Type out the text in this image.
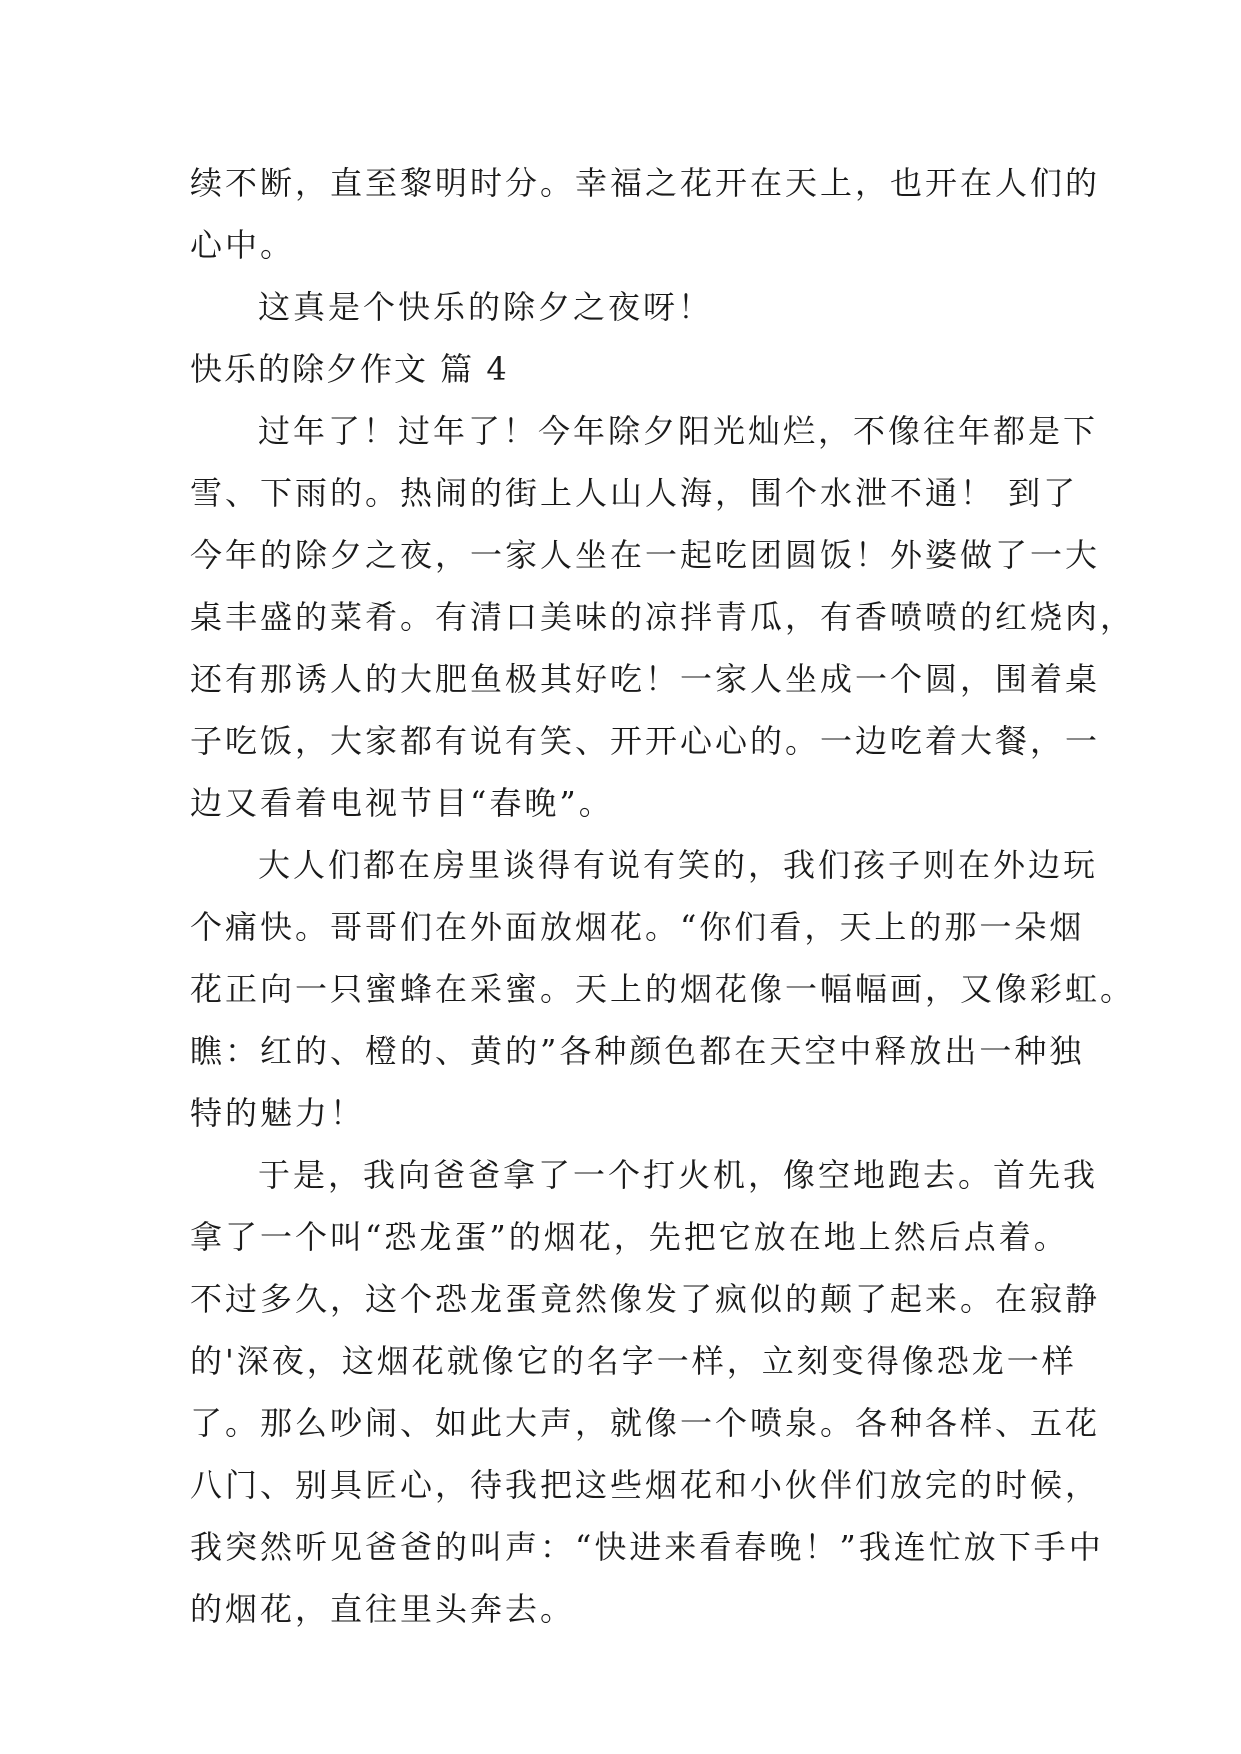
续不断，直至黎明时分。幸福之花开在天上，也开在人们的
心中。
这真是个快乐的除夕之夜呀！
快乐的除夕作文 篇 4
过年了！过年了！今年除夕阳光灿烂，不像往年都是下
雪、下雨的。热闹的街上人山人海，围个水泄不通！ 到了
今年的除夕之夜，一家人坐在一起吃团圆饭！外婆做了一大
桌丰盛的菜肴。有清口美味的凉拌青瓜，有香喷喷的红烧肉，
还有那诱人的大肥鱼极其好吃！一家人坐成一个圆，围着桌
子吃饭，大家都有说有笑、开开心心的。一边吃着大餐，一
边又看着电视节目“春晚”。
大人们都在房里谈得有说有笑的，我们孩子则在外边玩
个痛快。哥哥们在外面放烟花。“你们看，天上的那一朵烟
花正向一只蜜蜂在采蜜。天上的烟花像一幅幅画，又像彩虹。
瞧：红的、橙的、黄的”各种颜色都在天空中释放出一种独
特的魅力！
于是，我向爸爸拿了一个打火机，像空地跑去。首先我
拿了一个叫“恐龙蛋”的烟花，先把它放在地上然后点着。
不过多久，这个恐龙蛋竟然像发了疯似的颠了起来。在寂静
的'深夜，这烟花就像它的名字一样，立刻变得像恐龙一样
了。那么吵闹、如此大声，就像一个喷泉。各种各样、五花
八门、别具匠心，待我把这些烟花和小伙伴们放完的时候，
我突然听见爸爸的叫声：“快进来看春晚！”我连忙放下手中
的烟花，直往里头奔去。
